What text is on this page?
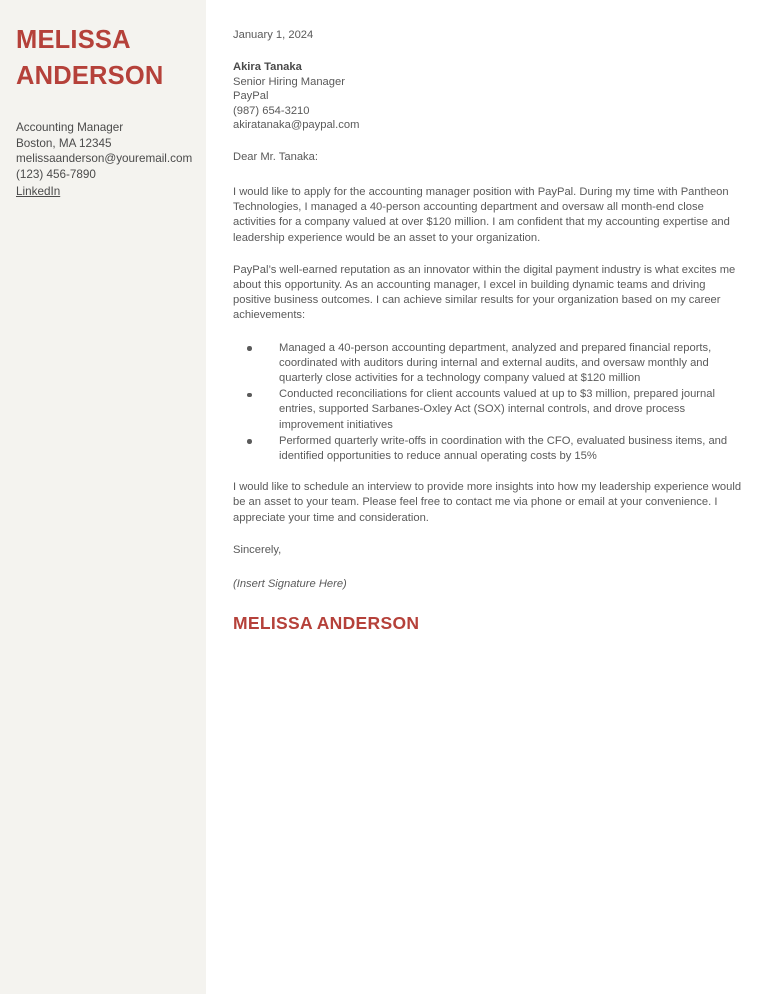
MELISSA
ANDERSON
Accounting Manager
Boston, MA 12345
melissaanderson@youremail.com
(123) 456-7890
LinkedIn
January 1, 2024
Akira Tanaka
Senior Hiring Manager
PayPal
(987) 654-3210
akiratanaka@paypal.com
Dear Mr. Tanaka:

I would like to apply for the accounting manager position with PayPal. During my time with Pantheon Technologies, I managed a 40-person accounting department and oversaw all month-end close activities for a company valued at over $120 million. I am confident that my accounting expertise and leadership experience would be an asset to your organization.

PayPal’s well-earned reputation as an innovator within the digital payment industry is what excites me about this opportunity. As an accounting manager, I excel in building dynamic teams and driving positive business outcomes. I can achieve similar results for your organization based on my career achievements:

Managed a 40-person accounting department, analyzed and prepared financial reports, coordinated with auditors during internal and external audits, and oversaw monthly and quarterly close activities for a technology company valued at $120 million
Conducted reconciliations for client accounts valued at up to $3 million, prepared journal entries, supported Sarbanes-Oxley Act (SOX) internal controls, and drove process improvement initiatives
Performed quarterly write-offs in coordination with the CFO, evaluated business items, and identified opportunities to reduce annual operating costs by 15%

I would like to schedule an interview to provide more insights into how my leadership experience would be an asset to your team. Please feel free to contact me via phone or email at your convenience. I appreciate your time and consideration.

Sincerely,
(Insert Signature Here)
MELISSA ANDERSON
